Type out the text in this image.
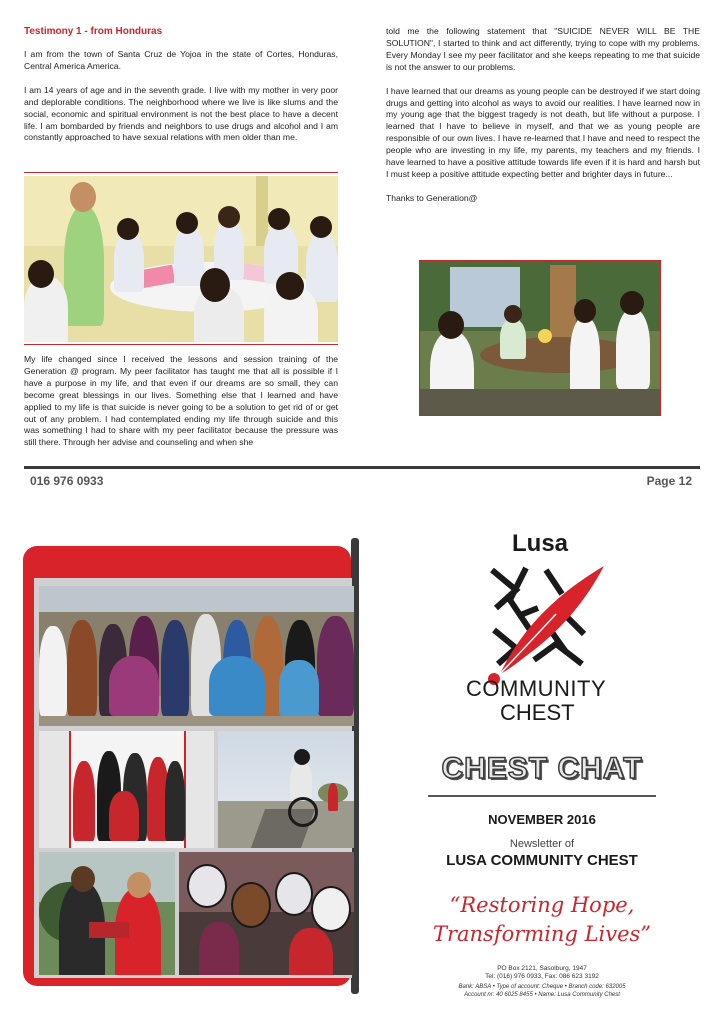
Testimony 1 - from Honduras

I am from the town of Santa Cruz de Yojoa in the state of Cortes, Honduras, Central America America.

I am 14 years of age and in the seventh grade. I live with my mother in very poor and deplorable conditions. The neighborhood where we live is like slums and the social, economic and spiritual environment is not the best place to have a decent life. I am bombarded by friends and neighbors to use drugs and alcohol and I am constantly approached to have sexual relations with men older than me.

My life changed since I received the lessons and session training of the Generation @ program. My peer facilitator has taught me that all is possible if I have a purpose in my life, and that even if our dreams are so small, they can become great blessings in our lives. Something else that I learned and have applied to my life is that suicide is never going to be a solution to get rid of or get out of any problem. I had contemplated ending my life through suicide and this was something I had to share with my peer facilitator because the pressure was still there. Through her advise and counseling and when she

told me the following statement that "SUICIDE NEVER WILL BE THE SOLUTION", I started to think and act differently, trying to cope with my problems. Every Monday I see my peer facilitator and she keeps repeating to me that suicide is not the answer to our problems.

I have learned that our dreams as young people can be destroyed if we start doing drugs and getting into alcohol as ways to avoid our realities. I have learned now in my young age that the biggest tragedy is not death, but life without a purpose. I learned that I have to believe in myself, and that we as young people are responsible of our own lives. I have re-learned that I have and need to respect the people who are investing in my life, my parents, my teachers and my friends. I have learned to have a positive attitude towards life even if it is hard and harsh but I must keep a positive attitude expecting better and brighter days in future...

Thanks to Generation@

016 976 0933	Page 12
Lusa
COMMUNITY
CHEST
CHEST CHAT
NOVEMBER 2016
Newsletter of
LUSA COMMUNITY CHEST
“Restoring Hope,
Transforming Lives”
PO Box 2121, Sasolburg, 1947
Tel: (016) 976 0933, Fax: 086 623 3192
Bank: ABSA • Type of account: Cheque • Branch code: 632005
Account nr: 40 6025 8455 • Name: Lusa Community Chest
